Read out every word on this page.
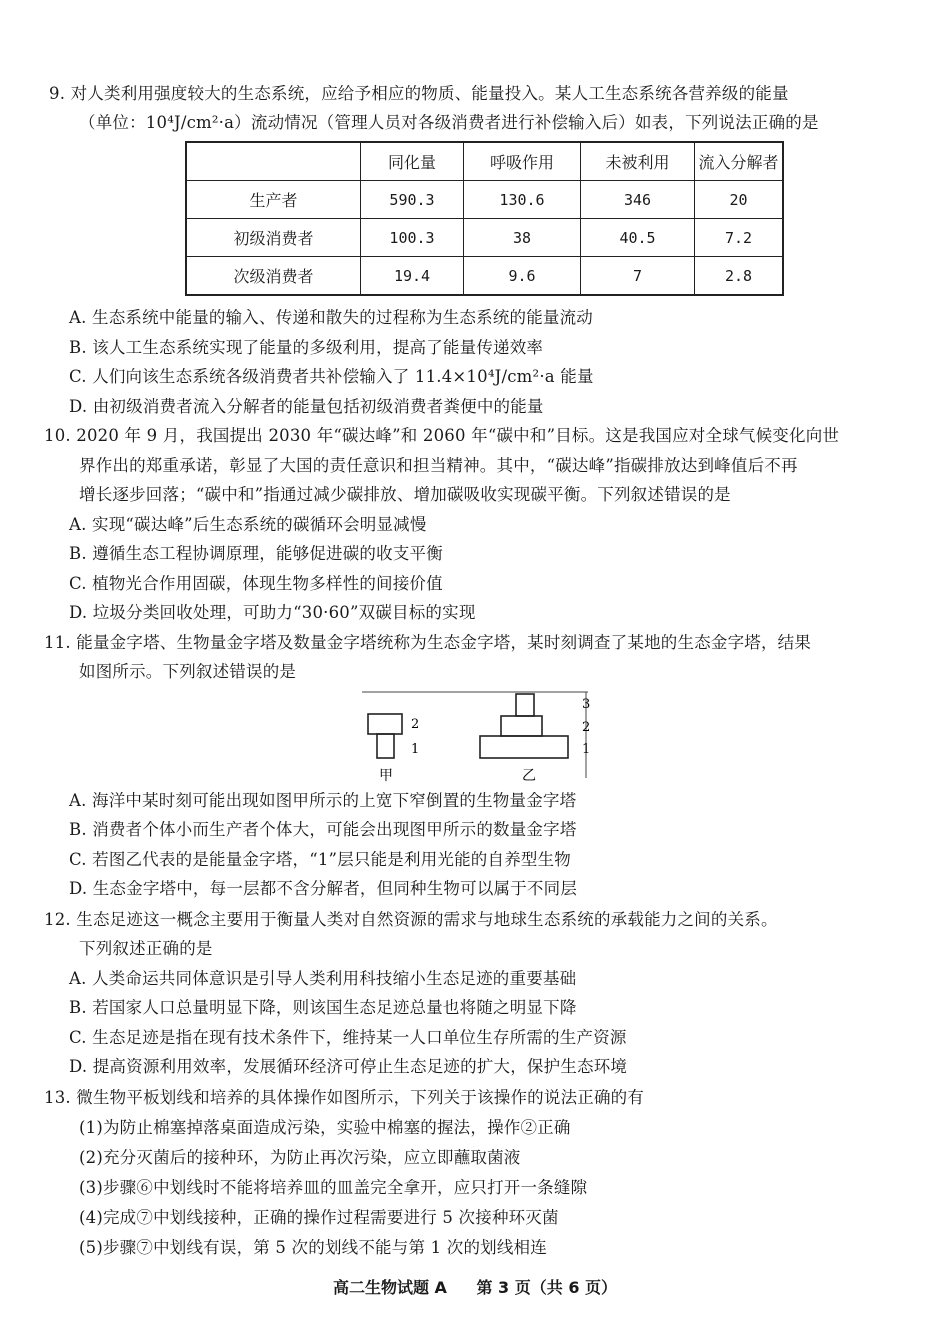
9. 对人类利用强度较大的生态系统，应给予相应的物质、能量投入。某人工生态系统各营养级的能量
（单位：10⁴J/cm²·a）流动情况（管理人员对各级消费者进行补偿输入后）如表，下列说法正确的是
	同化量	呼吸作用	未被利用	流入分解者
生产者	590.3	130.6	346	20
初级消费者	100.3	38	40.5	7.2
次级消费者	19.4	9.6	7	2.8
A. 生态系统中能量的输入、传递和散失的过程称为生态系统的能量流动
B. 该人工生态系统实现了能量的多级利用，提高了能量传递效率
C. 人们向该生态系统各级消费者共补偿输入了 11.4×10⁴J/cm²·a 能量
D. 由初级消费者流入分解者的能量包括初级消费者粪便中的能量
10. 2020 年 9 月，我国提出 2030 年“碳达峰”和 2060 年“碳中和”目标。这是我国应对全球气候变化向世
界作出的郑重承诺，彰显了大国的责任意识和担当精神。其中，“碳达峰”指碳排放达到峰值后不再
增长逐步回落；“碳中和”指通过减少碳排放、增加碳吸收实现碳平衡。下列叙述错误的是
A. 实现“碳达峰”后生态系统的碳循环会明显减慢
B. 遵循生态工程协调原理，能够促进碳的收支平衡
C. 植物光合作用固碳，体现生物多样性的间接价值
D. 垃圾分类回收处理，可助力“30·60”双碳目标的实现
11. 能量金字塔、生物量金字塔及数量金字塔统称为生态金字塔，某时刻调查了某地的生态金字塔，结果
如图所示。下列叙述错误的是
2
1
甲
3
2
1
乙
A. 海洋中某时刻可能出现如图甲所示的上宽下窄倒置的生物量金字塔
B. 消费者个体小而生产者个体大，可能会出现图甲所示的数量金字塔
C. 若图乙代表的是能量金字塔，“1”层只能是利用光能的自养型生物
D. 生态金字塔中，每一层都不含分解者，但同种生物可以属于不同层
12. 生态足迹这一概念主要用于衡量人类对自然资源的需求与地球生态系统的承载能力之间的关系。
下列叙述正确的是
A. 人类命运共同体意识是引导人类利用科技缩小生态足迹的重要基础
B. 若国家人口总量明显下降，则该国生态足迹总量也将随之明显下降
C. 生态足迹是指在现有技术条件下，维持某一人口单位生存所需的生产资源
D. 提高资源利用效率，发展循环经济可停止生态足迹的扩大，保护生态环境
13. 微生物平板划线和培养的具体操作如图所示，下列关于该操作的说法正确的有
(1)为防止棉塞掉落桌面造成污染，实验中棉塞的握法，操作②正确
(2)充分灭菌后的接种环，为防止再次污染，应立即蘸取菌液
(3)步骤⑥中划线时不能将培养皿的皿盖完全拿开，应只打开一条缝隙
(4)完成⑦中划线接种，正确的操作过程需要进行 5 次接种环灭菌
(5)步骤⑦中划线有误，第 5 次的划线不能与第 1 次的划线相连
高二生物试题 A 第 3 页（共 6 页）
